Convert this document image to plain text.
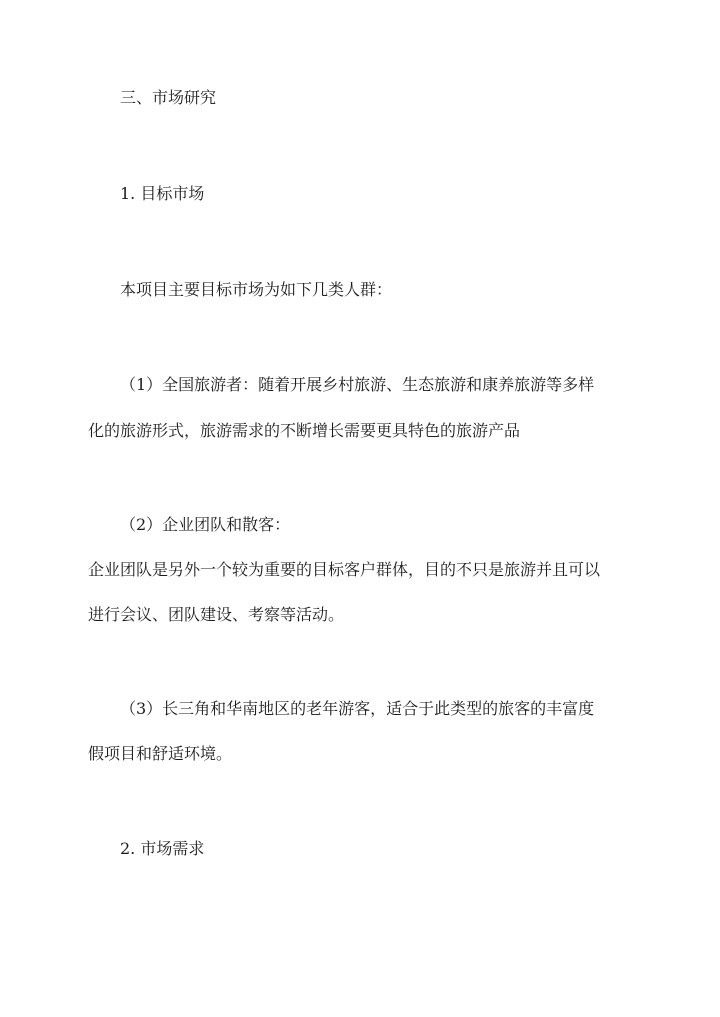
三、市场研究
1. 目标市场
本项目主要目标市场为如下几类人群：
（1）全国旅游者：随着开展乡村旅游、生态旅游和康养旅游等多样
化的旅游形式，旅游需求的不断增长需要更具特色的旅游产品
（2）企业团队和散客：
企业团队是另外一个较为重要的目标客户群体，目的不只是旅游并且可以
进行会议、团队建设、考察等活动。
（3）长三角和华南地区的老年游客，适合于此类型的旅客的丰富度
假项目和舒适环境。
2. 市场需求
